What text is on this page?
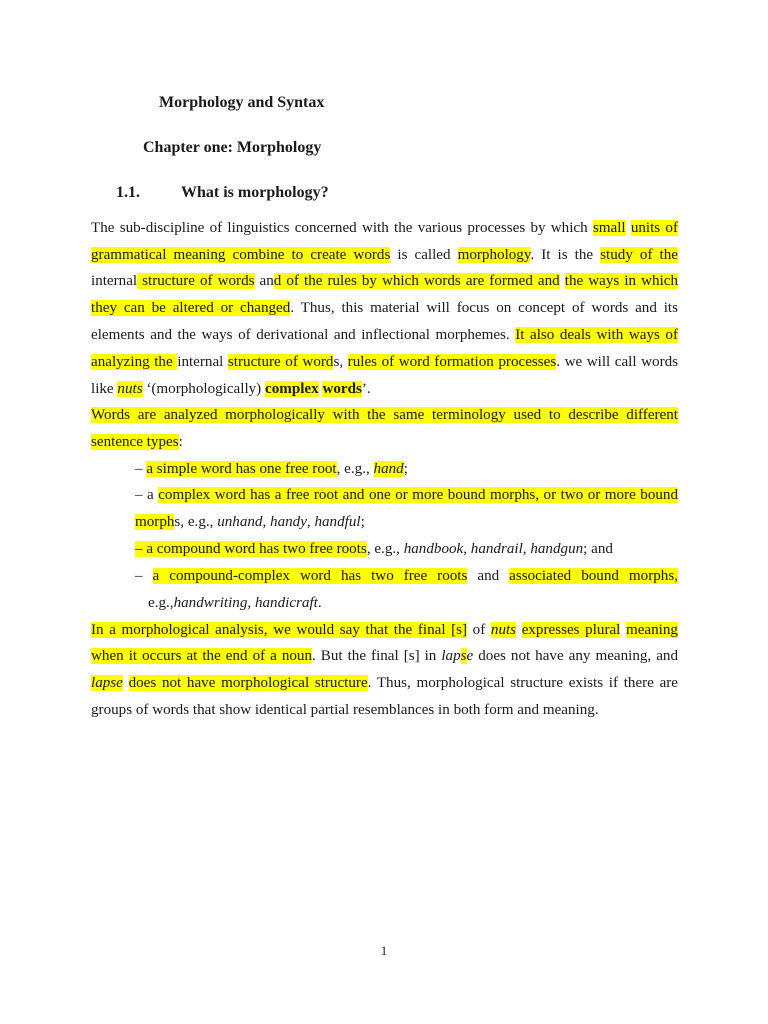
Morphology and Syntax
Chapter one: Morphology
1.1.	What is morphology?
The sub-discipline of linguistics concerned with the various processes by which small units of
grammatical meaning combine to create words is called morphology. It is the study of the
internal structure of words and of the rules by which words are formed and the ways in which
they can be altered or changed. Thus, this material will focus on concept of words and its
elements and the ways of derivational and inflectional morphemes. It also deals with ways of
analyzing the internal structure of words, rules of word formation processes. we will call words
like nuts ‘(morphologically) complex words’.
Words are analyzed morphologically with the same terminology used to describe different
sentence types:
– a simple word has one free root, e.g., hand;
– a complex word has a free root and one or more bound morphs, or two or more bound
morphs, e.g., unhand, handy, handful;
– a compound word has two free roots, e.g., handbook, handrail, handgun; and
– a compound-complex word has two free roots and associated bound morphs,
e.g.,handwriting, handicraft.
In a morphological analysis, we would say that the final [s] of nuts expresses plural meaning
when it occurs at the end of a noun. But the final [s] in lapse does not have any meaning, and
lapse does not have morphological structure. Thus, morphological structure exists if there are
groups of words that show identical partial resemblances in both form and meaning.
1
